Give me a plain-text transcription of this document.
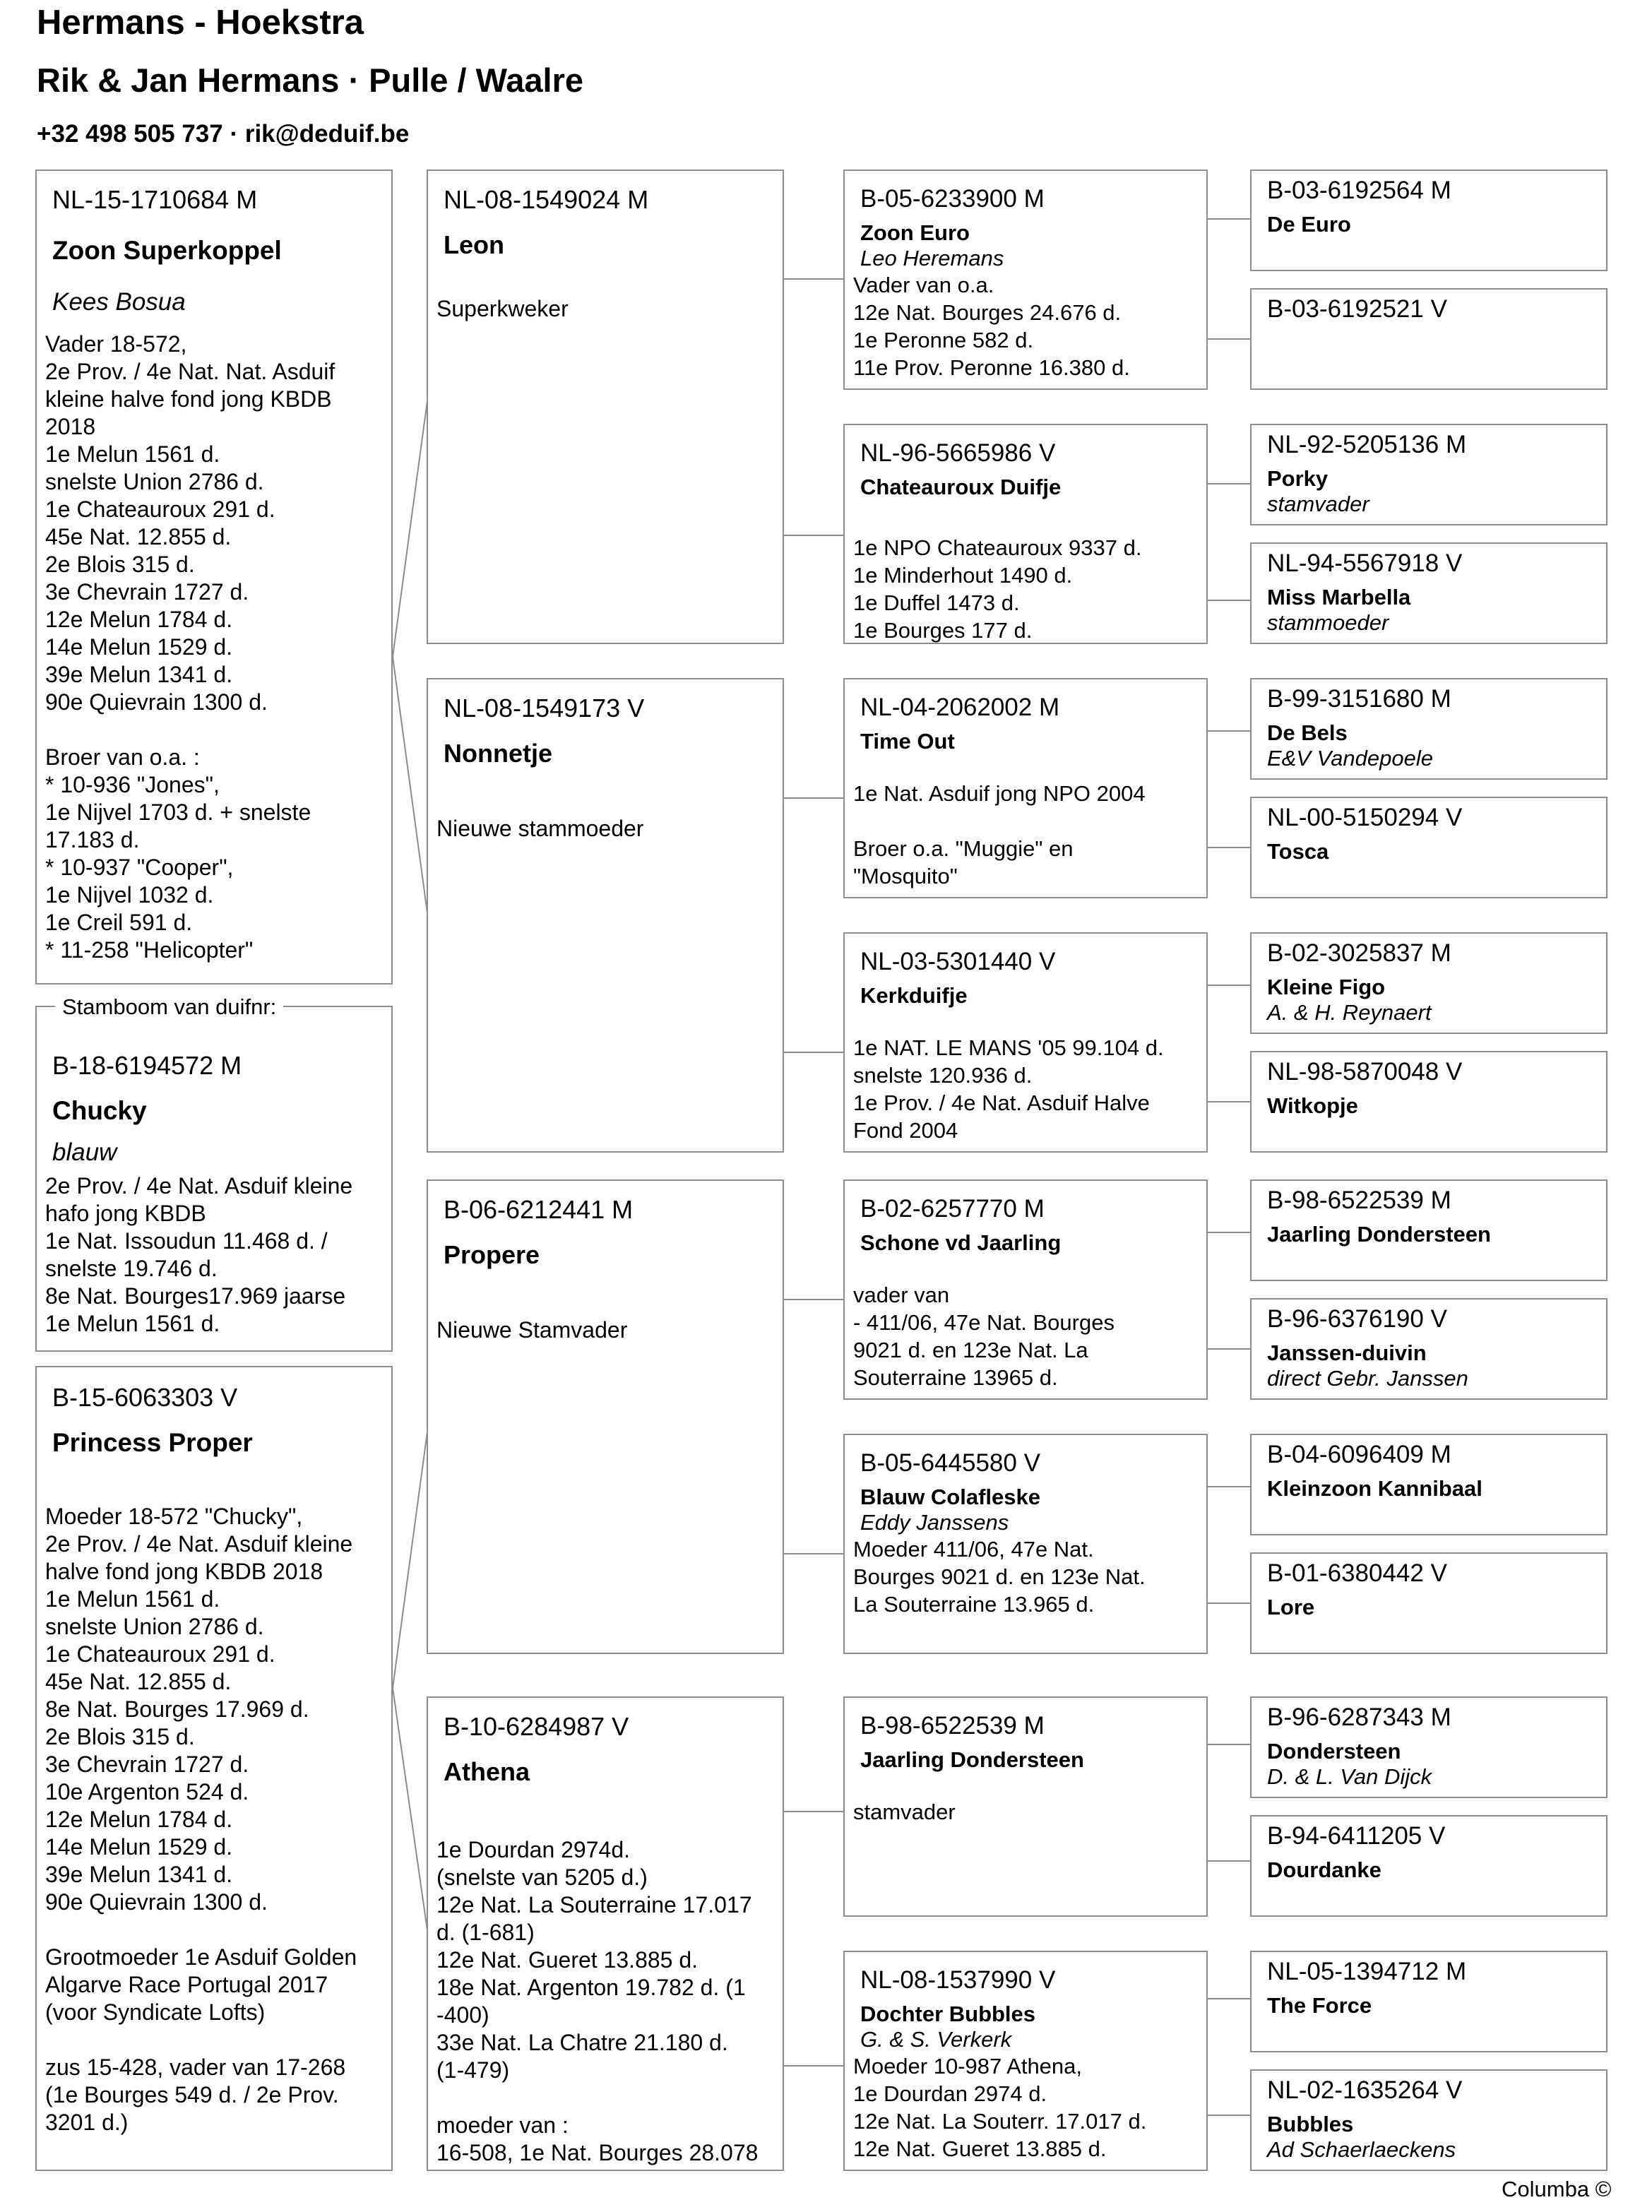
Hermans - Hoekstra
Rik & Jan Hermans · Pulle / Waalre
+32 498 505 737 · rik@deduif.be
NL-15-1710684 M
Zoon Superkoppel
Kees Bosua
Vader 18-572,
2e Prov. / 4e Nat. Nat. Asduif
kleine halve fond jong KBDB
2018
1e Melun 1561 d.
snelste Union 2786 d.
1e Chateauroux 291 d.
45e Nat. 12.855 d.
2e Blois 315 d.
3e Chevrain 1727 d.
12e Melun 1784 d.
14e Melun 1529 d.
39e Melun 1341 d.
90e Quievrain 1300 d.

Broer van o.a. :
* 10-936 "Jones",
1e Nijvel 1703 d. + snelste
17.183 d.
* 10-937 "Cooper",
1e Nijvel 1032 d.
1e Creil 591 d.
* 11-258 "Helicopter"
B-18-6194572 M
Chucky
blauw
2e Prov. / 4e Nat. Asduif kleine
hafo jong KBDB
1e Nat. Issoudun 11.468 d. /
snelste 19.746 d.
8e Nat. Bourges17.969 jaarse
1e Melun 1561 d.
Stamboom van duifnr:
B-15-6063303 V
Princess Proper
Moeder 18-572 "Chucky",
2e Prov. / 4e Nat. Asduif kleine
halve fond jong KBDB 2018
1e Melun 1561 d.
snelste Union 2786 d.
1e Chateauroux 291 d.
45e Nat. 12.855 d.
8e Nat. Bourges 17.969 d.
2e Blois 315 d.
3e Chevrain 1727 d.
10e Argenton 524 d.
12e Melun 1784 d.
14e Melun 1529 d.
39e Melun 1341 d.
90e Quievrain 1300 d.

Grootmoeder 1e Asduif Golden
Algarve Race Portugal 2017
(voor Syndicate Lofts)

zus 15-428, vader van 17-268
(1e Bourges 549 d. / 2e Prov.
3201 d.)
NL-08-1549024 M
Leon
Superkweker
NL-08-1549173 V
Nonnetje
Nieuwe stammoeder
B-06-6212441 M
Propere
Nieuwe Stamvader
B-10-6284987 V
Athena
1e Dourdan 2974d.
(snelste van 5205 d.)
12e Nat. La Souterraine 17.017
d. (1-681)
12e Nat. Gueret 13.885 d.
18e Nat. Argenton 19.782 d. (1
-400)
33e Nat. La Chatre 21.180 d.
(1-479)

moeder van :
16-508, 1e Nat. Bourges 28.078
B-05-6233900 M
Zoon Euro
Leo Heremans
Vader van o.a.
12e Nat. Bourges 24.676 d.
1e Peronne 582 d.
11e Prov. Peronne 16.380 d.
NL-96-5665986 V
Chateauroux Duifje
1e NPO Chateauroux 9337 d.
1e Minderhout 1490 d.
1e Duffel 1473 d.
1e Bourges 177 d.
NL-04-2062002 M
Time Out
1e Nat. Asduif jong NPO 2004

Broer o.a. "Muggie" en
"Mosquito"
NL-03-5301440 V
Kerkduifje
1e NAT. LE MANS '05 99.104 d.
snelste 120.936 d.
1e Prov. / 4e Nat. Asduif Halve
Fond 2004
B-02-6257770 M
Schone vd Jaarling
vader van
- 411/06, 47e Nat. Bourges
9021 d. en 123e Nat. La
Souterraine 13965 d.
B-05-6445580 V
Blauw Colafleske
Eddy Janssens
Moeder 411/06, 47e Nat.
Bourges 9021 d. en 123e Nat.
La Souterraine 13.965 d.
B-98-6522539 M
Jaarling Dondersteen
stamvader
NL-08-1537990 V
Dochter Bubbles
G. & S. Verkerk
Moeder 10-987 Athena,
1e Dourdan 2974 d.
12e Nat. La Souterr. 17.017 d.
12e Nat. Gueret 13.885 d.
B-03-6192564 M
De Euro
B-03-6192521 V
NL-92-5205136 M
Porky
stamvader
NL-94-5567918 V
Miss Marbella
stammoeder
B-99-3151680 M
De Bels
E&V Vandepoele
NL-00-5150294 V
Tosca
B-02-3025837 M
Kleine Figo
A. & H. Reynaert
NL-98-5870048 V
Witkopje
B-98-6522539 M
Jaarling Dondersteen
B-96-6376190 V
Janssen-duivin
direct Gebr. Janssen
B-04-6096409 M
Kleinzoon Kannibaal
B-01-6380442 V
Lore
B-96-6287343 M
Dondersteen
D. & L. Van Dijck
B-94-6411205 V
Dourdanke
NL-05-1394712 M
The Force
NL-02-1635264 V
Bubbles
Ad Schaerlaeckens
Columba ©
